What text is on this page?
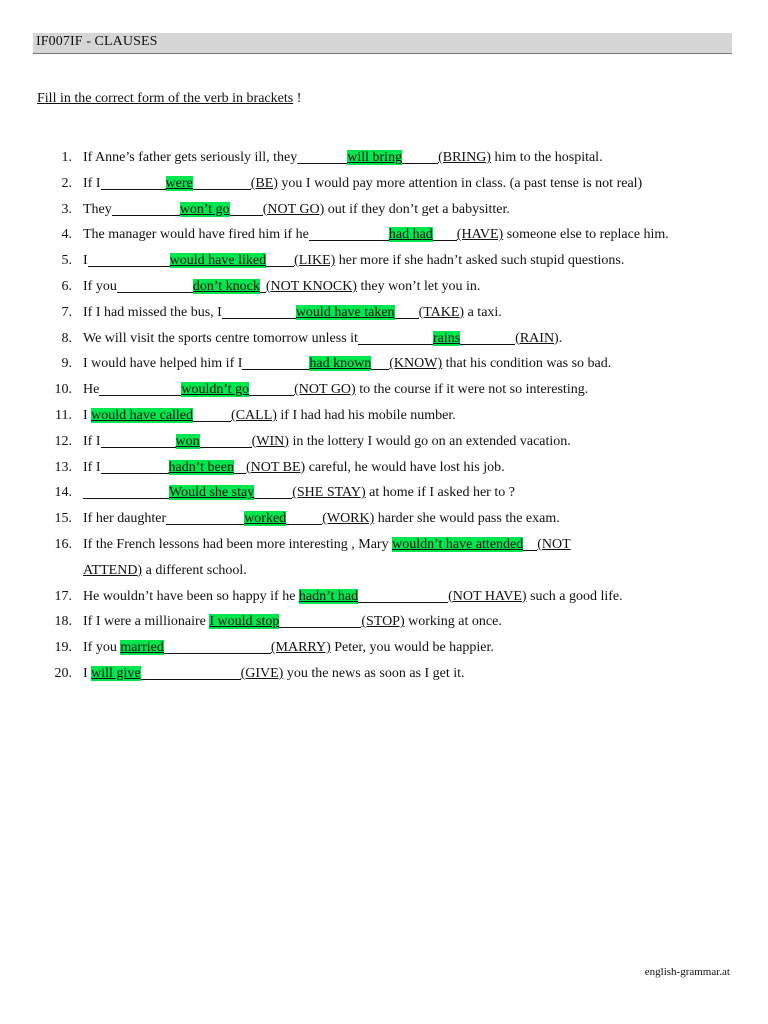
IF007IF - CLAUSES
Fill in the correct form of the verb in brackets !
1. If Anne’s father gets seriously ill, they	will bring	(BRING) him to the hospital.
2. If I	were	(BE) you I would pay more attention in class. (a past tense is not real)
3. They	won’t go (NOT GO) out if they don’t get a babysitter.
4. The manager would have fired him if he	had had (HAVE) someone else to replace him.
5. I	would have liked (LIKE) her more if she hadn’t asked such stupid questions.
6. If you	don’t knock (NOT KNOCK) they won’t let you in.
7. If I had missed the bus, I	would have taken (TAKE) a taxi.
8. We will visit the sports centre tomorrow unless it	rains	(RAIN).
9. I would have helped him if I	had known (KNOW) that his condition was so bad.
10. He	wouldn’t go	(NOT GO) to the course if it were not so interesting.
11. I would have called	(CALL) if I had had his mobile number.
12. If I	won	(WIN) in the lottery I would go on an extended vacation.
13. If I	hadn’t been (NOT BE) careful, he would have lost his job.
14.	Would she stay	(SHE STAY) at home if I asked her to ?
15. If her daughter	worked	(WORK) harder she would pass the exam.
16. If the French lessons had been more interesting , Mary wouldn’t have attended (NOT
ATTEND) a different school.
17. He wouldn’t have been so happy if he hadn’t had	(NOT HAVE) such a good life.
18. If I were a millionaire I would stop	(STOP) working at once.
19. If you married	(MARRY) Peter, you would be happier.
20. I will give	(GIVE) you the news as soon as I get it.
english-grammar.at
